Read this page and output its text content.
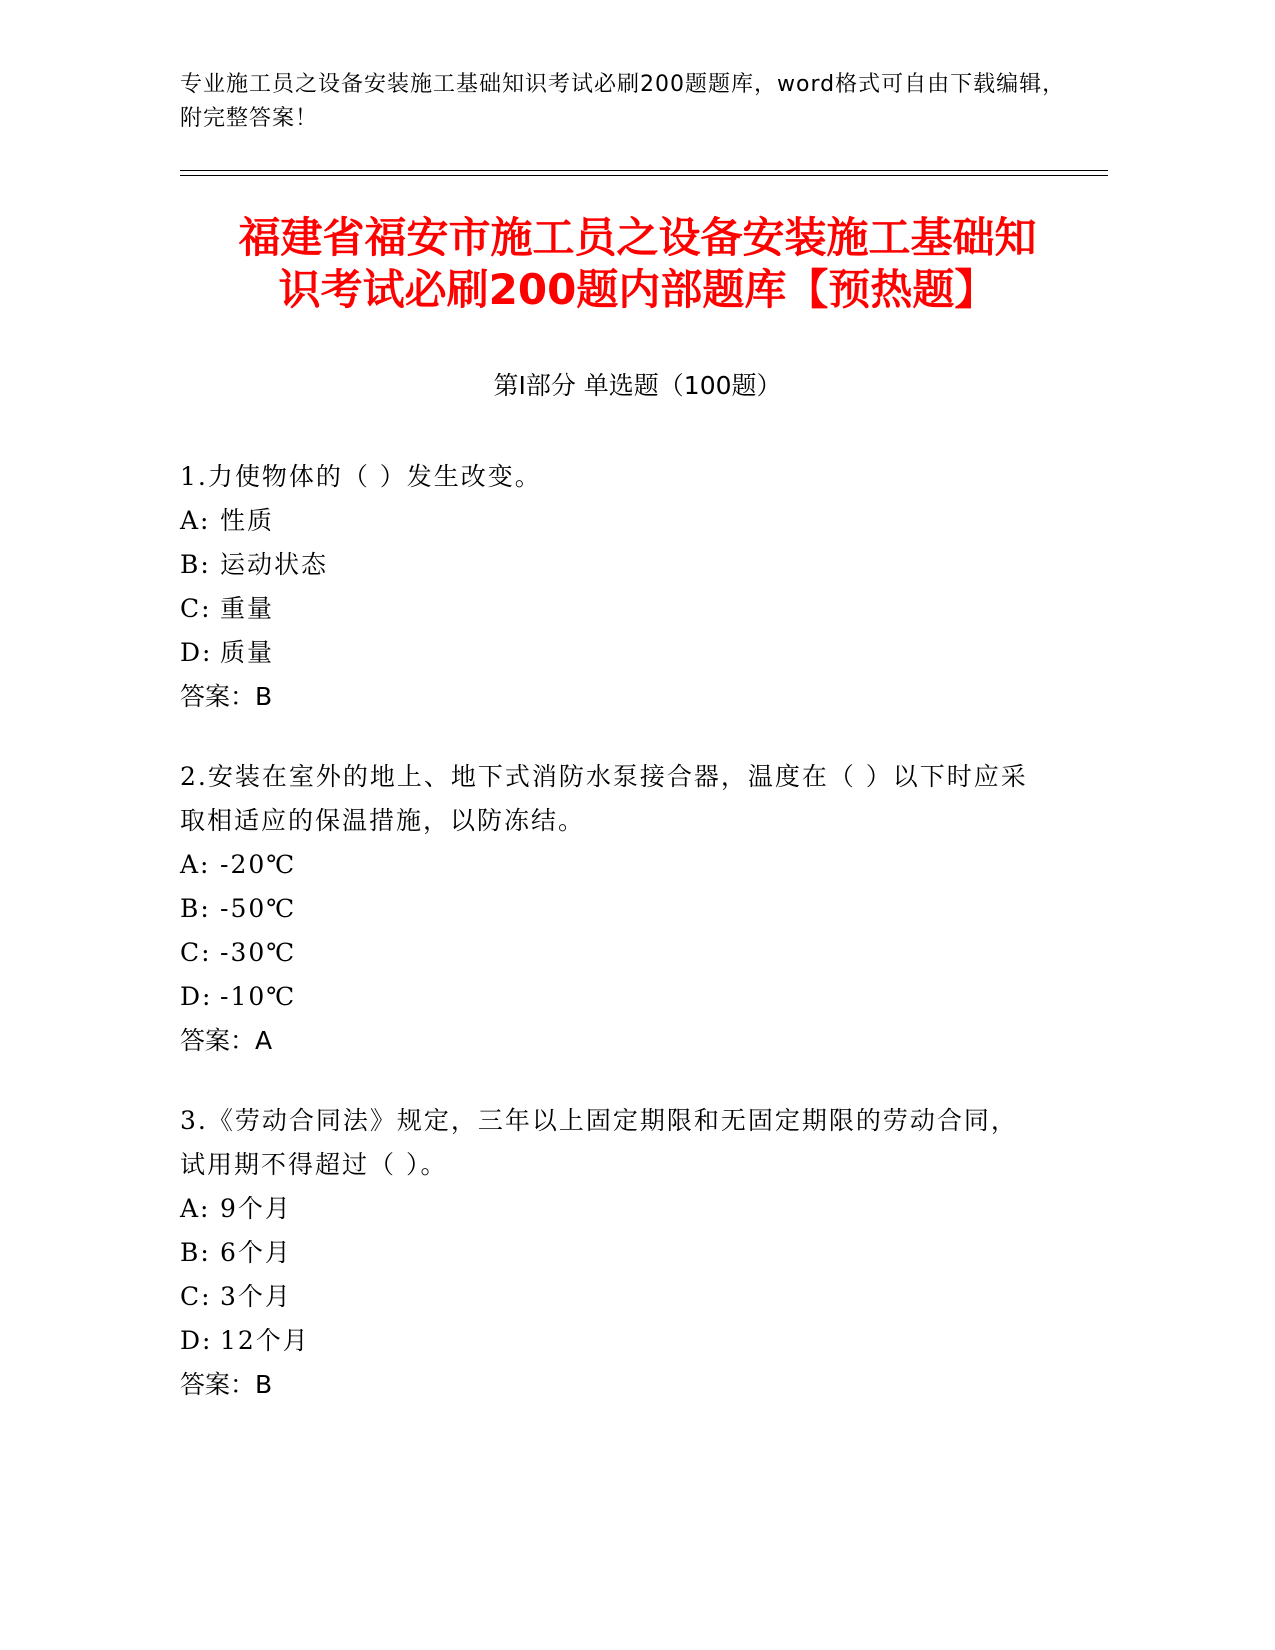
专业施工员之设备安装施工基础知识考试必刷200题题库，word格式可自由下载编辑，附完整答案！
福建省福安市施工员之设备安装施工基础知
识考试必刷200题内部题库【预热题】
第Ⅰ部分 单选题（100题）

1.力使物体的（ ）发生改变。

A: 性质

B: 运动状态

C: 重量

D: 质量

答案：B

2.安装在室外的地上、地下式消防水泵接合器，温度在（ ）以下时应采取相适应的保温措施，以防冻结。

A: -20℃

B: -50℃

C: -30℃

D: -10℃

答案：A

3.《劳动合同法》规定，三年以上固定期限和无固定期限的劳动合同，试用期不得超过（ ）。

A: 9个月

B: 6个月

C: 3个月

D: 12个月

答案：B
